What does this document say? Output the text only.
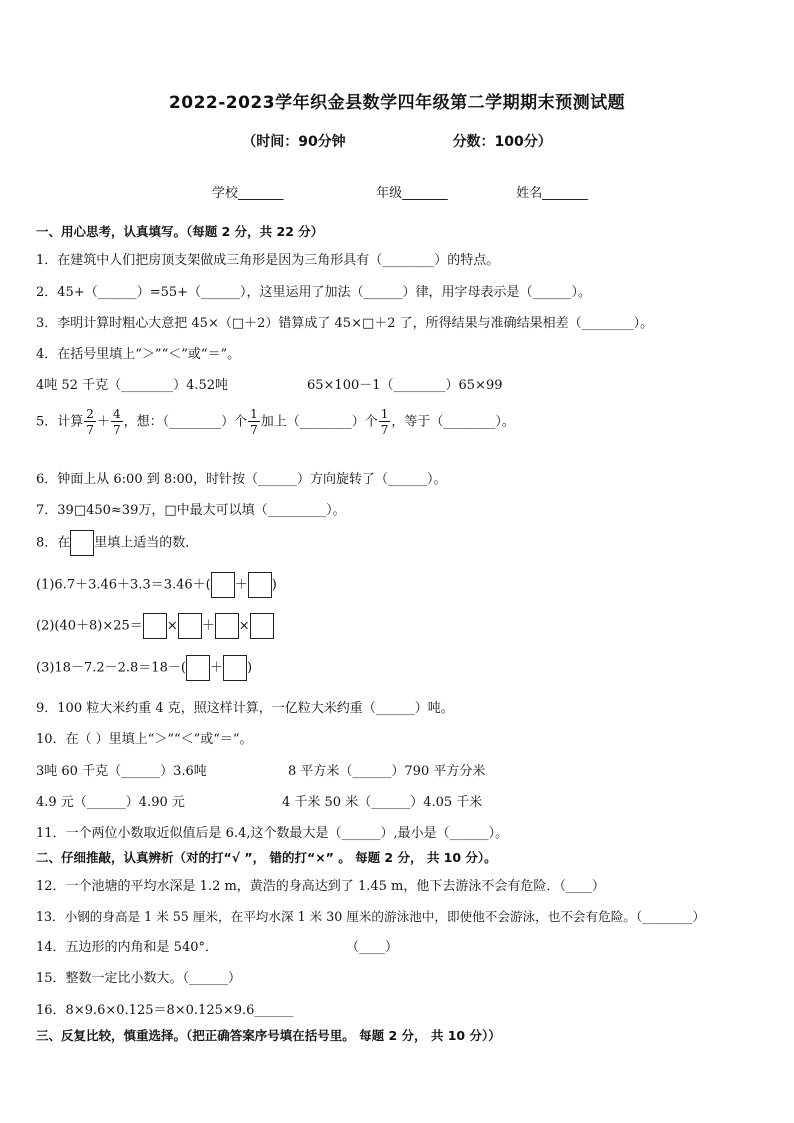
2022-2023学年织金县数学四年级第二学期期末预测试题
（时间：90分钟	分数：100分）
学校_______	年级_______	姓名_______
一、用心思考，认真填写。（每题 2 分，共 22 分）
1．在建筑中人们把房顶支架做成三角形是因为三角形具有（________）的特点。
2．45+（______）=55+（______），这里运用了加法（______）律，用字母表示是（______）。
3．李明计算时粗心大意把 45×（□＋2）错算成了 45×□＋2 了，所得结果与准确结果相差（________）。
4．在括号里填上“＞”“＜”或“＝”。
4吨 52 千克（________）4.52吨	65×100－1（________）65×99
5．计算 $\frac{2}{7} + \frac{4}{7}$ ，想：（________）个 $\frac{1}{7}$ 加上（________）个 $\frac{1}{7}$ ，等于（________）。
6．钟面上从 6:00 到 8:00，时针按（______）方向旋转了（______）。
7．39□450≈39万，□中最大可以填（_________）。
8．在 里填上适当的数．
(1)6.7＋3.46＋3.3＝3.46＋( ＋ )
(2)(40＋8)×25＝ × ＋ ×
(3)18－7.2－2.8＝18－( ＋ )
9．100 粒大米约重 4 克，照这样计算，一亿粒大米约重（______）吨。
10．在（ ）里填上“＞”“＜”或“＝”。
3吨 60 千克（______）3.6吨	8 平方米（______）790 平方分米
4.9 元（______）4.90 元	4 千米 50 米（______）4.05 千米
11．一个两位小数取近似值后是 6.4,这个数最大是（______）,最小是（______）。
二、仔细推敲，认真辨析（对的打“√ ”， 错的打“×” 。 每题 2 分， 共 10 分）。
12．一个池塘的平均水深是 1.2 m，黄浩的身高达到了 1.45 m，他下去游泳不会有危险．（____）
13．小钢的身高是 1 米 55 厘米，在平均水深 1 米 30 厘米的游泳池中，即使他不会游泳，也不会有危险。（________）
14．五边形的内角和是 540°．	（____）
15．整数一定比小数大。（______）
16．8×9.6×0.125＝8×0.125×9.6______
三、反复比较，慎重选择。（把正确答案序号填在括号里。 每题 2 分， 共 10 分））
